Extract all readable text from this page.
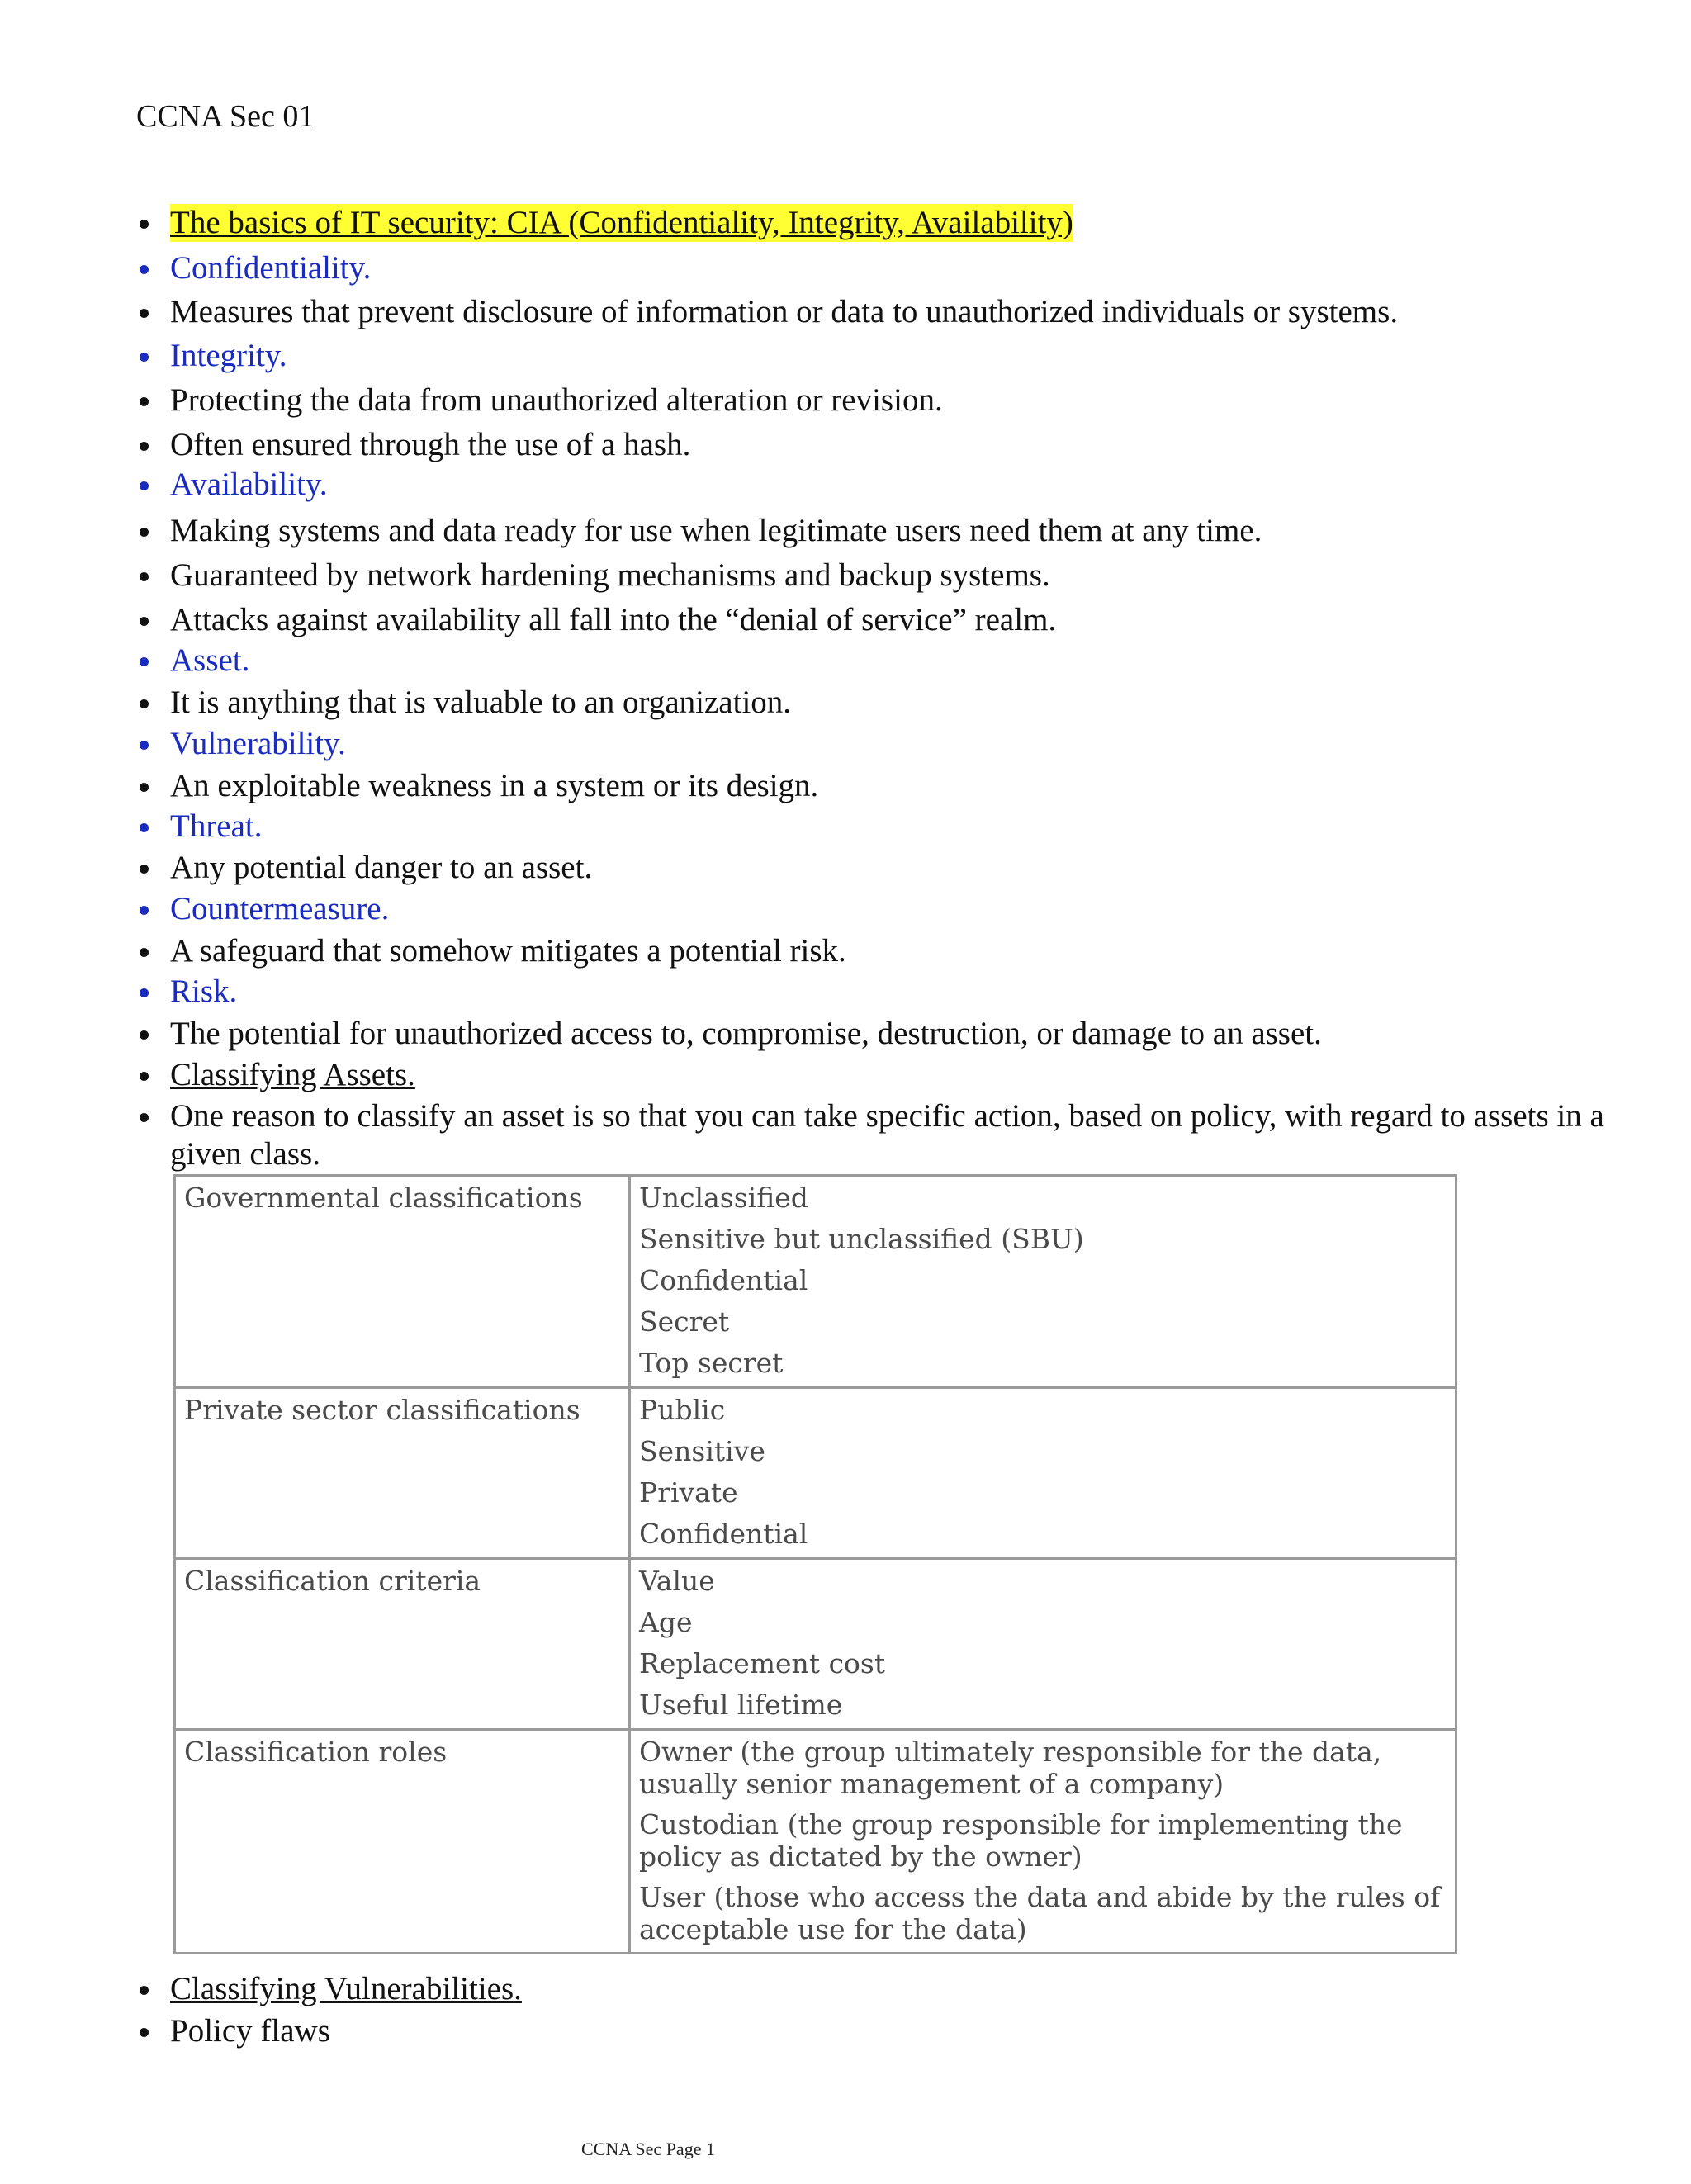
CCNA Sec 01
The basics of IT security: CIA (Confidentiality, Integrity, Availability)
Confidentiality.
Measures that prevent disclosure of information or data to unauthorized individuals or systems.
Integrity.
Protecting the data from unauthorized alteration or revision.
Often ensured through the use of a hash.
Availability.
Making systems and data ready for use when legitimate users need them at any time.
Guaranteed by network hardening mechanisms and backup systems.
Attacks against availability all fall into the “denial of service” realm.
Asset.
It is anything that is valuable to an organization.
Vulnerability.
An exploitable weakness in a system or its design.
Threat.
Any potential danger to an asset.
Countermeasure.
A safeguard that somehow mitigates a potential risk.
Risk.
The potential for unauthorized access to, compromise, destruction, or damage to an asset.
Classifying Assets.
One reason to classify an asset is so that you can take specific action, based on policy, with regard to assets in a given class.
Classifying Vulnerabilities.
Policy flaws
Governmental classifications	Unclassified
Sensitive but unclassified (SBU)
Confidential
Secret
Top secret

Private sector classifications	Public
Sensitive
Private
Confidential

Classification criteria	Value
Age
Replacement cost
Useful lifetime

Classification roles	Owner (the group ultimately responsible for the data, usually senior management of a company)
Custodian (the group responsible for implementing the policy as dictated by the owner)
User (those who access the data and abide by the rules of acceptable use for the data)
CCNA Sec Page 1
